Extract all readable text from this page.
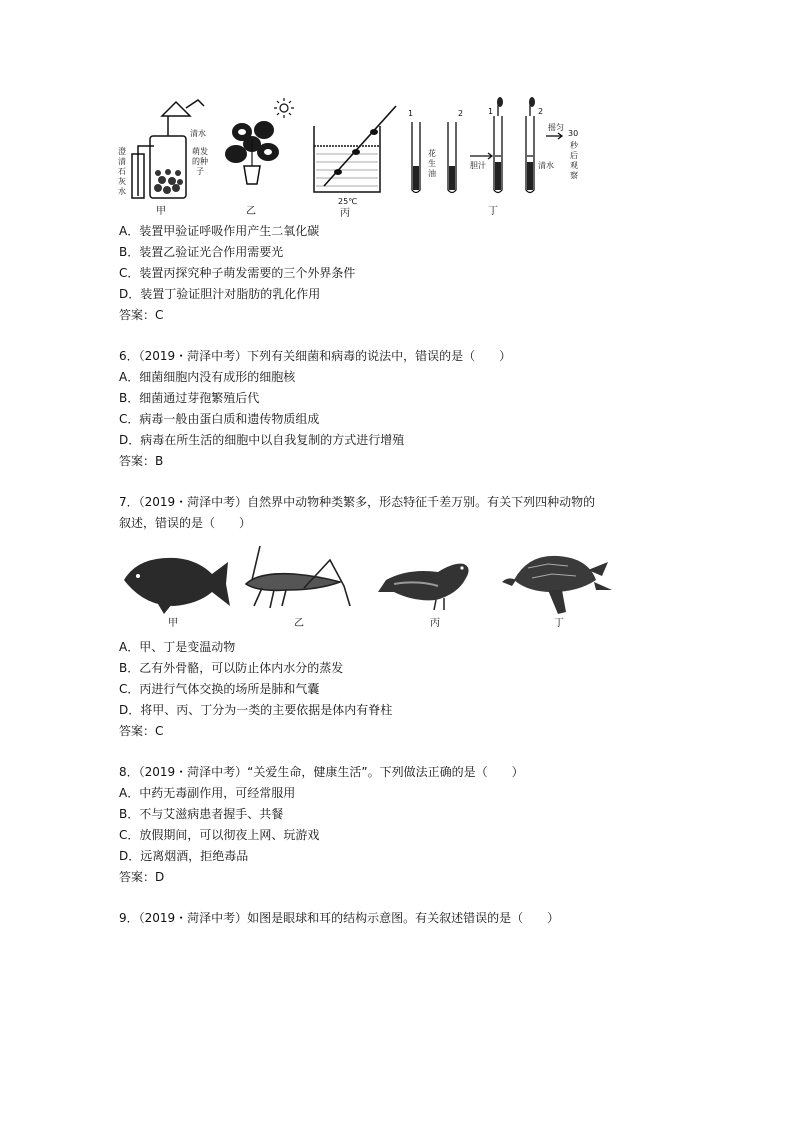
澄
清
石
灰
水
清水
萌发
的种
子
甲	乙
25℃
丙
1	2	1	2
花
生
油
胆汁	清水
摇匀
30
秒
后
观
察
丁
A．装置甲验证呼吸作用产生二氧化碳
B．装置乙验证光合作用需要光
C．装置丙探究种子萌发需要的三个外界条件
D．装置丁验证胆汁对脂肪的乳化作用
答案：C
6．（2019・菏泽中考）下列有关细菌和病毒的说法中，错误的是（　　）
A．细菌细胞内没有成形的细胞核
B．细菌通过芽孢繁殖后代
C．病毒一般由蛋白质和遗传物质组成
D．病毒在所生活的细胞中以自我复制的方式进行增殖
答案：B
7．（2019・菏泽中考）自然界中动物种类繁多，形态特征千差万别。有关下列四种动物的
叙述，错误的是（　　）
甲	乙	丙	丁
A．甲、丁是变温动物
B．乙有外骨骼，可以防止体内水分的蒸发
C．丙进行气体交换的场所是肺和气囊
D．将甲、丙、丁分为一类的主要依据是体内有脊柱
答案：C
8．（2019・菏泽中考）“关爱生命，健康生活”。下列做法正确的是（　　）
A．中药无毒副作用，可经常服用
B．不与艾滋病患者握手、共餐
C．放假期间，可以彻夜上网、玩游戏
D．远离烟酒，拒绝毒品
答案：D
9．（2019・菏泽中考）如图是眼球和耳的结构示意图。有关叙述错误的是（　　）
